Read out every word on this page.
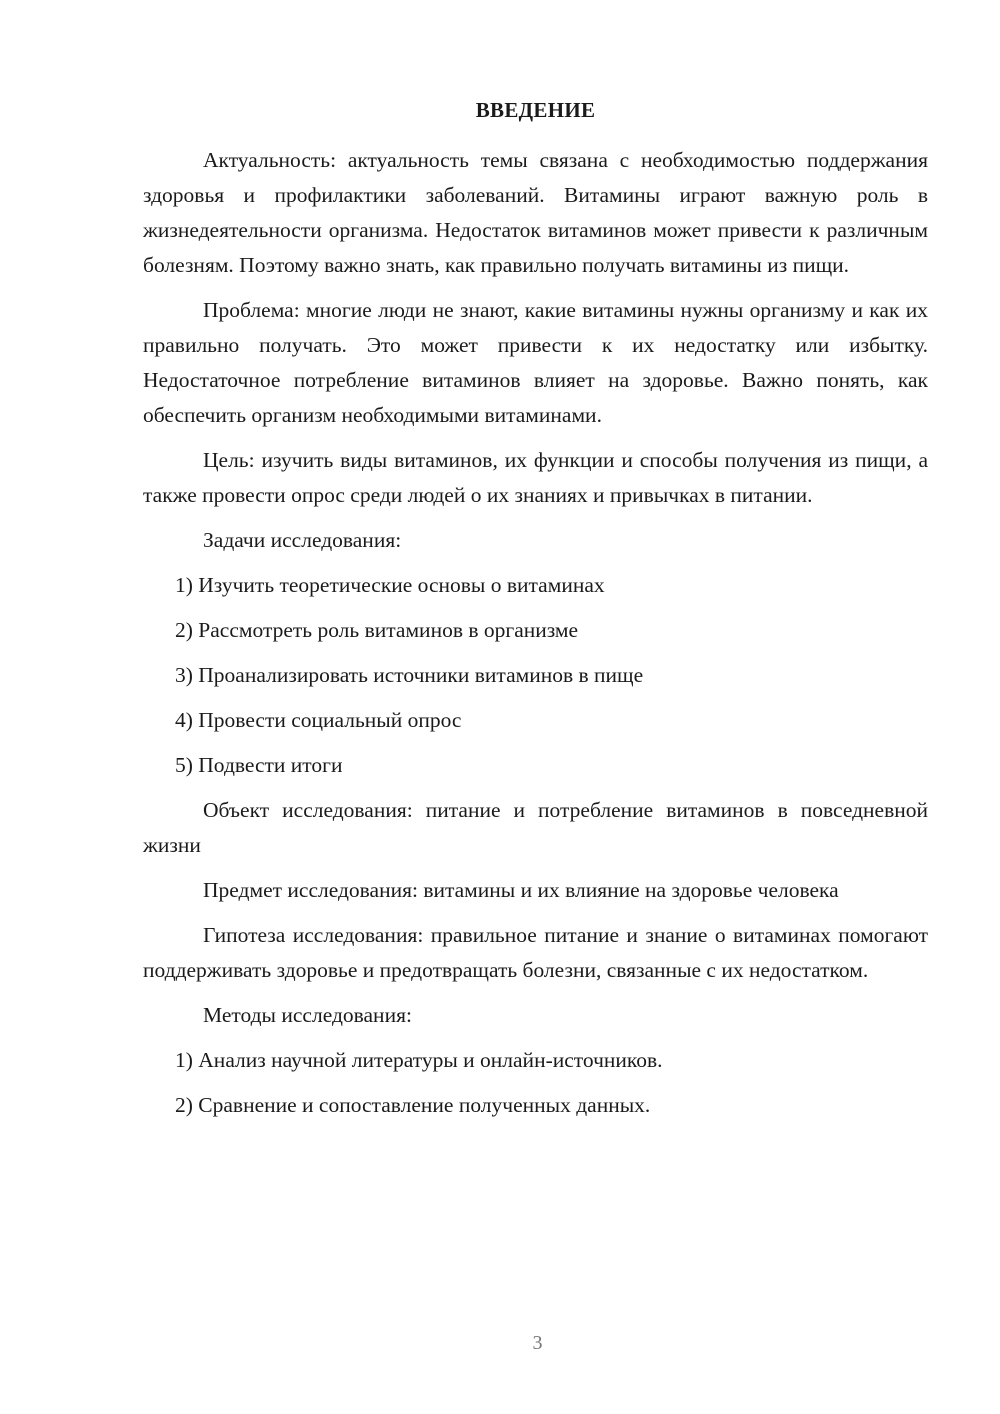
ВВЕДЕНИЕ

Актуальность: актуальность темы связана с необходимостью поддержания здоровья и профилактики заболеваний. Витамины играют важную роль в жизнедеятельности организма. Недостаток витаминов может привести к различным болезням. Поэтому важно знать, как правильно получать витамины из пищи.

Проблема: многие люди не знают, какие витамины нужны организму и как их правильно получать. Это может привести к их недостатку или избытку. Недостаточное потребление витаминов влияет на здоровье. Важно понять, как обеспечить организм необходимыми витаминами.

Цель: изучить виды витаминов, их функции и способы получения из пищи, а также провести опрос среди людей о их знаниях и привычках в питании.

Задачи исследования:

1) Изучить теоретические основы о витаминах
2) Рассмотреть роль витаминов в организме
3) Проанализировать источники витаминов в пище
4) Провести социальный опрос
5) Подвести итоги

Объект исследования: питание и потребление витаминов в повседневной жизни

Предмет исследования: витамины и их влияние на здоровье человека

Гипотеза исследования: правильное питание и знание о витаминах помогают поддерживать здоровье и предотвращать болезни, связанные с их недостатком.

Методы исследования:

1) Анализ научной литературы и онлайн-источников.
2) Сравнение и сопоставление полученных данных.
3
